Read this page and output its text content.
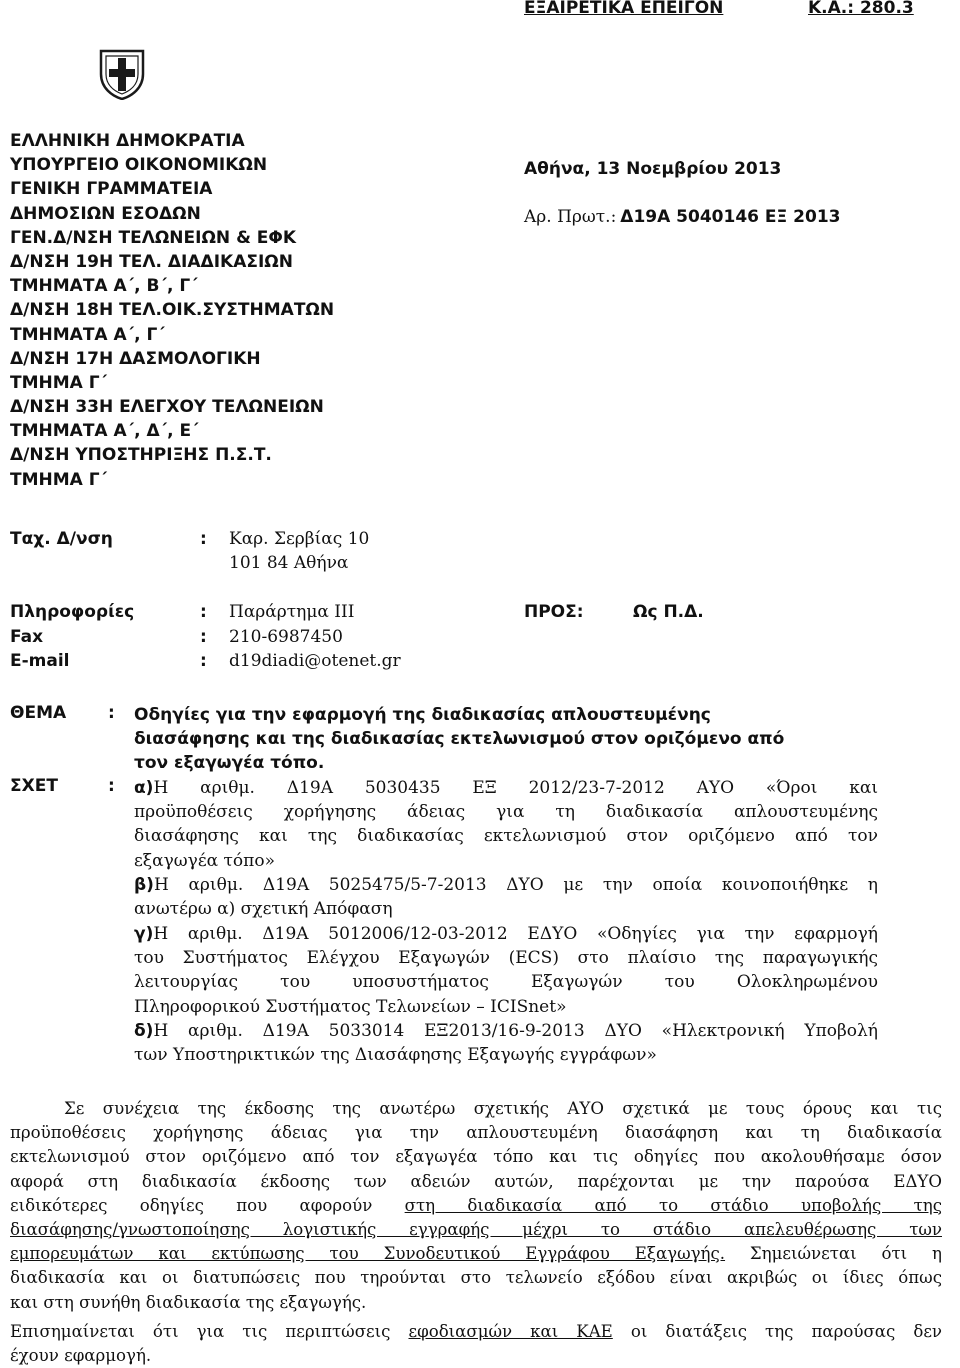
ΕΞΑΙΡΕΤΙΚΑ ΕΠΕΙΓΟΝ	Κ.Α.: 280.3
ΕΛΛΗΝΙΚΗ ΔΗΜΟΚΡΑΤΙΑ
ΥΠΟΥΡΓΕΙΟ ΟΙΚΟΝΟΜΙΚΩΝ
ΓΕΝΙΚΗ ΓΡΑΜΜΑΤΕΙΑ
ΔΗΜΟΣΙΩΝ ΕΣΟΔΩΝ
ΓΕΝ.Δ/ΝΣΗ ΤΕΛΩΝΕΙΩΝ & ΕΦΚ
Δ/ΝΣΗ 19Η ΤΕΛ. ΔΙΑΔΙΚΑΣΙΩΝ
ΤΜΗΜΑΤΑ Α΄, Β΄, Γ΄
Δ/ΝΣΗ 18Η ΤΕΛ.ΟΙΚ.ΣΥΣΤΗΜΑΤΩΝ
ΤΜΗΜΑΤΑ Α΄, Γ΄
Δ/ΝΣΗ 17Η ΔΑΣΜΟΛΟΓΙΚΗ
ΤΜΗΜΑ Γ΄
Δ/ΝΣΗ 33Η ΕΛΕΓΧΟΥ ΤΕΛΩΝΕΙΩΝ
ΤΜΗΜΑΤΑ Α΄, Δ΄, Ε΄
Δ/ΝΣΗ ΥΠΟΣΤΗΡΙΞΗΣ Π.Σ.Τ.
ΤΜΗΜΑ Γ΄
Αθήνα, 13 Νοεμβρίου 2013
Αρ. Πρωτ.: Δ19Α 5040146 ΕΞ 2013
Ταχ. Δ/νση	: Καρ. Σερβίας 10
101 84 Αθήνα
Πληροφορίες	: Παράρτημα ΙΙΙ
Fax	: 210-6987450
E-mail	: d19diadi@otenet.gr
ΠΡΟΣ:	Ως Π.Δ.
ΘΕΜΑ : Οδηγίες για την εφαρμογή της διαδικασίας απλουστευμένης
διασάφησης και της διαδικασίας εκτελωνισμού στον οριζόμενο από
τον εξαγωγέα τόπο.
ΣΧΕΤ	: α)Η αριθμ. Δ19Α 5030435 ΕΞ 2012/23-7-2012 ΑΥΟ «Όροι και
προϋποθέσεις χορήγησης άδειας για τη διαδικασία απλουστευμένης
διασάφησης και της διαδικασίας εκτελωνισμού στον οριζόμενο από τον
εξαγωγέα τόπο»
β)Η αριθμ. Δ19Α 5025475/5-7-2013 ΔΥΟ με την οποία κοινοποιήθηκε η
ανωτέρω α) σχετική Απόφαση
γ)Η αριθμ. Δ19Α 5012006/12-03-2012 ΕΔΥΟ «Οδηγίες για την εφαρμογή
του Συστήματος Ελέγχου Εξαγωγών (ECS) στο πλαίσιο της παραγωγικής
λειτουργίας του υποσυστήματος Εξαγωγών του Ολοκληρωμένου
Πληροφορικού Συστήματος Τελωνείων – ICISnet»
δ)Η αριθμ. Δ19Α 5033014 ΕΞ2013/16-9-2013 ΔΥΟ «Ηλεκτρονική Υποβολή
των Υποστηρικτικών της Διασάφησης Εξαγωγής εγγράφων»
Σε συνέχεια της έκδοσης της ανωτέρω σχετικής ΑΥΟ σχετικά με τους όρους και τις
προϋποθέσεις χορήγησης άδειας για την απλουστευμένη διασάφηση και τη διαδικασία
εκτελωνισμού στον οριζόμενο από τον εξαγωγέα τόπο και τις οδηγίες που ακολουθήσαμε όσον
αφορά στη διαδικασία έκδοσης των αδειών αυτών, παρέχονται με την παρούσα ΕΔΥΟ
ειδικότερες οδηγίες που αφορούν στη διαδικασία από το στάδιο υποβολής της
διασάφησης/γνωστοποίησης λογιστικής εγγραφής μέχρι το στάδιο απελευθέρωσης των
εμπορευμάτων και εκτύπωσης του Συνοδευτικού Εγγράφου Εξαγωγής. Σημειώνεται ότι η
διαδικασία και οι διατυπώσεις που τηρούνται στο τελωνείο εξόδου είναι ακριβώς οι ίδιες όπως
και στη συνήθη διαδικασία της εξαγωγής.
Επισημαίνεται ότι για τις περιπτώσεις εφοδιασμών και ΚΑΕ οι διατάξεις της παρούσας δεν
έχουν εφαρμογή.
